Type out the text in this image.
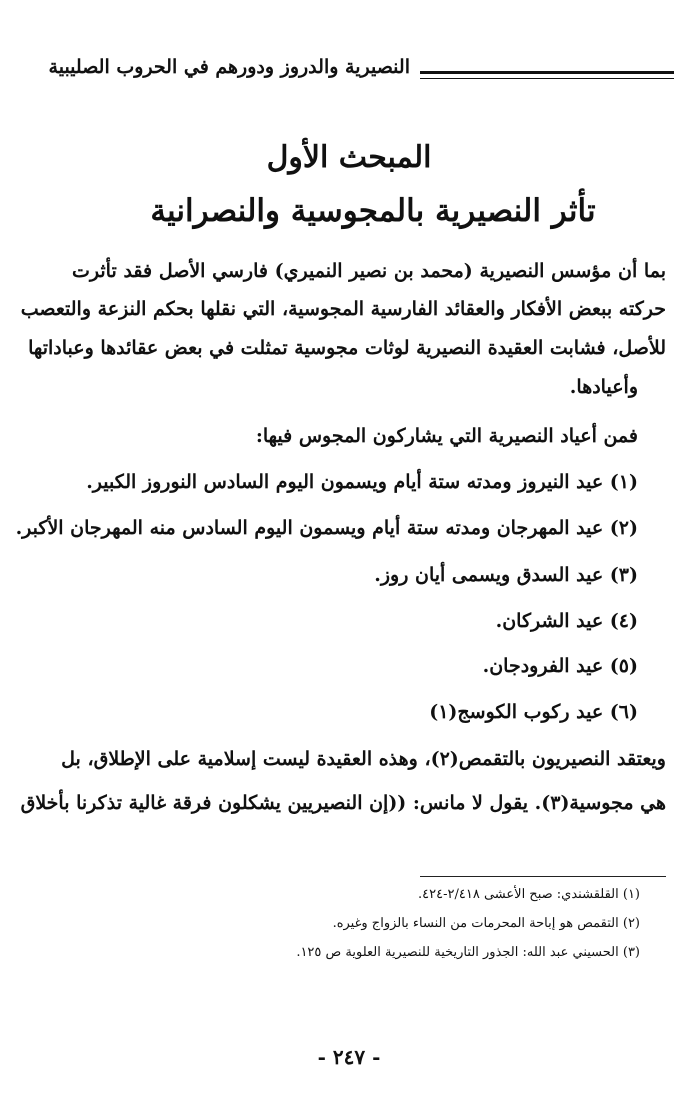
النصيرية والدروز ودورهم في الحروب الصليبية
المبحث الأول
تأثر النصيرية بالمجوسية والنصرانية
بما أن مؤسس النصيرية (محمد بن نصير النميري) فارسي الأصل فقد تأثرت
حركته ببعض الأفكار والعقائد الفارسية المجوسية، التي نقلها بحكم النزعة والتعصب
للأصل، فشابت العقيدة النصيرية لوثات مجوسية تمثلت في بعض عقائدها وعباداتها
وأعيادها.
فمن أعياد النصيرية التي يشاركون المجوس فيها:
(١) عيد النيروز ومدته ستة أيام ويسمون اليوم السادس النوروز الكبير.
(٢) عيد المهرجان ومدته ستة أيام ويسمون اليوم السادس منه المهرجان الأكبر.
(٣) عيد السدق ويسمى أيان روز.
(٤) عيد الشركان.
(٥) عيد الفرودجان.
(٦) عيد ركوب الكوسج(١)
ويعتقد النصيريون بالتقمص(٢)، وهذه العقيدة ليست إسلامية على الإطلاق، بل
هي مجوسية(٣). يقول لا مانس: ((إن النصيريين يشكلون فرقة غالية تذكرنا بأخلاق
(١) القلقشندي: صبح الأعشى ٢/٤١٨-٤٢٤.
(٢) التقمص هو إباحة المحرمات من النساء بالزواج وغيره.
(٣) الحسيني عبد الله: الجذور التاريخية للنصيرية العلوية ص ١٢٥.
- ٢٤٧ -
